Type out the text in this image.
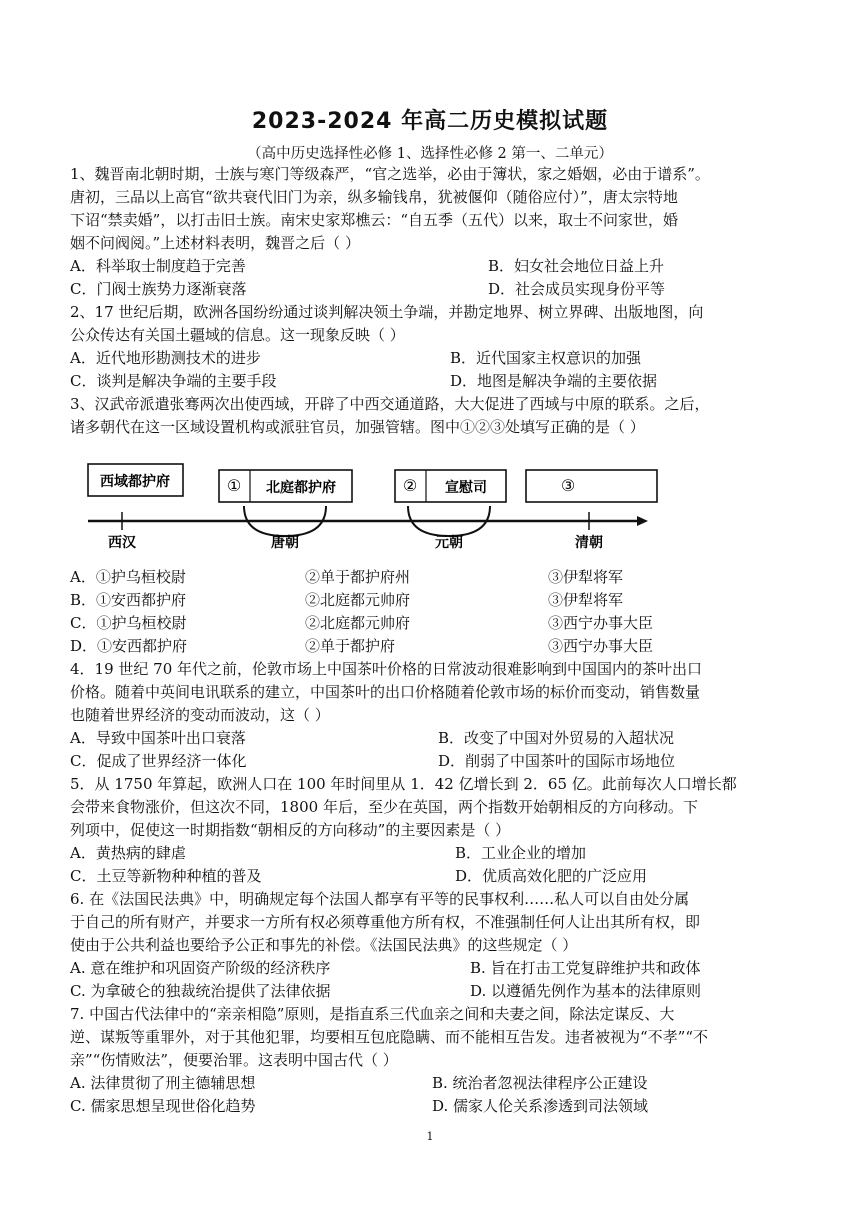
2023-2024 年高二历史模拟试题
（高中历史选择性必修 1、选择性必修 2 第一、二单元）
1、魏晋南北朝时期，士族与寒门等级森严，“官之选举，必由于簿状，家之婚姻，必由于谱系”。
唐初，三品以上高官“欲共衰代旧门为亲，纵多输钱帛，犹被偃仰（随俗应付）”，唐太宗特地
下诏“禁卖婚”，以打击旧士族。南宋史家郑樵云：“自五季（五代）以来，取士不问家世，婚
姻不问阀阅。”上述材料表明，魏晋之后（ ）
A．科举取士制度趋于完善	B．妇女社会地位日益上升
C．门阀士族势力逐渐衰落	D．社会成员实现身份平等
2、17 世纪后期，欧洲各国纷纷通过谈判解决领土争端，并勘定地界、树立界碑、出版地图，向
公众传达有关国土疆域的信息。这一现象反映（ ）
A．近代地形勘测技术的进步	B．近代国家主权意识的加强
C．谈判是解决争端的主要手段	D．地图是解决争端的主要依据
3、汉武帝派遣张骞两次出使西域，开辟了中西交通道路，大大促进了西域与中原的联系。之后，
诸多朝代在这一区域设置机构或派驻官员，加强管辖。图中①②③处填写正确的是（ ）
西域都护府	① 北庭都护府	② 宣慰司	③
西汉	唐朝	元朝	清朝
A．①护乌桓校尉	②单于都护府州	③伊犁将军
B．①安西都护府	②北庭都元帅府	③伊犁将军
C．①护乌桓校尉	②北庭都元帅府	③西宁办事大臣
D．①安西都护府	②单于都护府	③西宁办事大臣
4．19 世纪 70 年代之前，伦敦市场上中国茶叶价格的日常波动很难影响到中国国内的茶叶出口
价格。随着中英间电讯联系的建立，中国茶叶的出口价格随着伦敦市场的标价而变动，销售数量
也随着世界经济的变动而波动，这（ ）
A．导致中国茶叶出口衰落	B．改变了中国对外贸易的入超状况
C．促成了世界经济一体化	D．削弱了中国茶叶的国际市场地位
5．从 1750 年算起，欧洲人口在 100 年时间里从 1．42 亿增长到 2．65 亿。此前每次人口增长都
会带来食物涨价，但这次不同，1800 年后，至少在英国，两个指数开始朝相反的方向移动。下
列项中，促使这一时期指数“朝相反的方向移动”的主要因素是（ ）
A．黄热病的肆虐	B．工业企业的增加
C．土豆等新物种种植的普及	D．优质高效化肥的广泛应用
6. 在《法国民法典》中，明确规定每个法国人都享有平等的民事权利……私人可以自由处分属
于自己的所有财产，并要求一方所有权必须尊重他方所有权，不准强制任何人让出其所有权，即
使由于公共利益也要给予公正和事先的补偿。《法国民法典》的这些规定（ ）
A. 意在维护和巩固资产阶级的经济秩序	B. 旨在打击工党复辟维护共和政体
C. 为拿破仑的独裁统治提供了法律依据	D. 以遵循先例作为基本的法律原则
7. 中国古代法律中的“亲亲相隐”原则，是指直系三代血亲之间和夫妻之间，除法定谋反、大
逆、谋叛等重罪外，对于其他犯罪，均要相互包庇隐瞒、而不能相互告发。违者被视为“不孝”“不
亲”“伤情败法”，便要治罪。这表明中国古代（ ）
A. 法律贯彻了刑主德辅思想	B. 统治者忽视法律程序公正建设
C. 儒家思想呈现世俗化趋势	D. 儒家人伦关系渗透到司法领域
1
